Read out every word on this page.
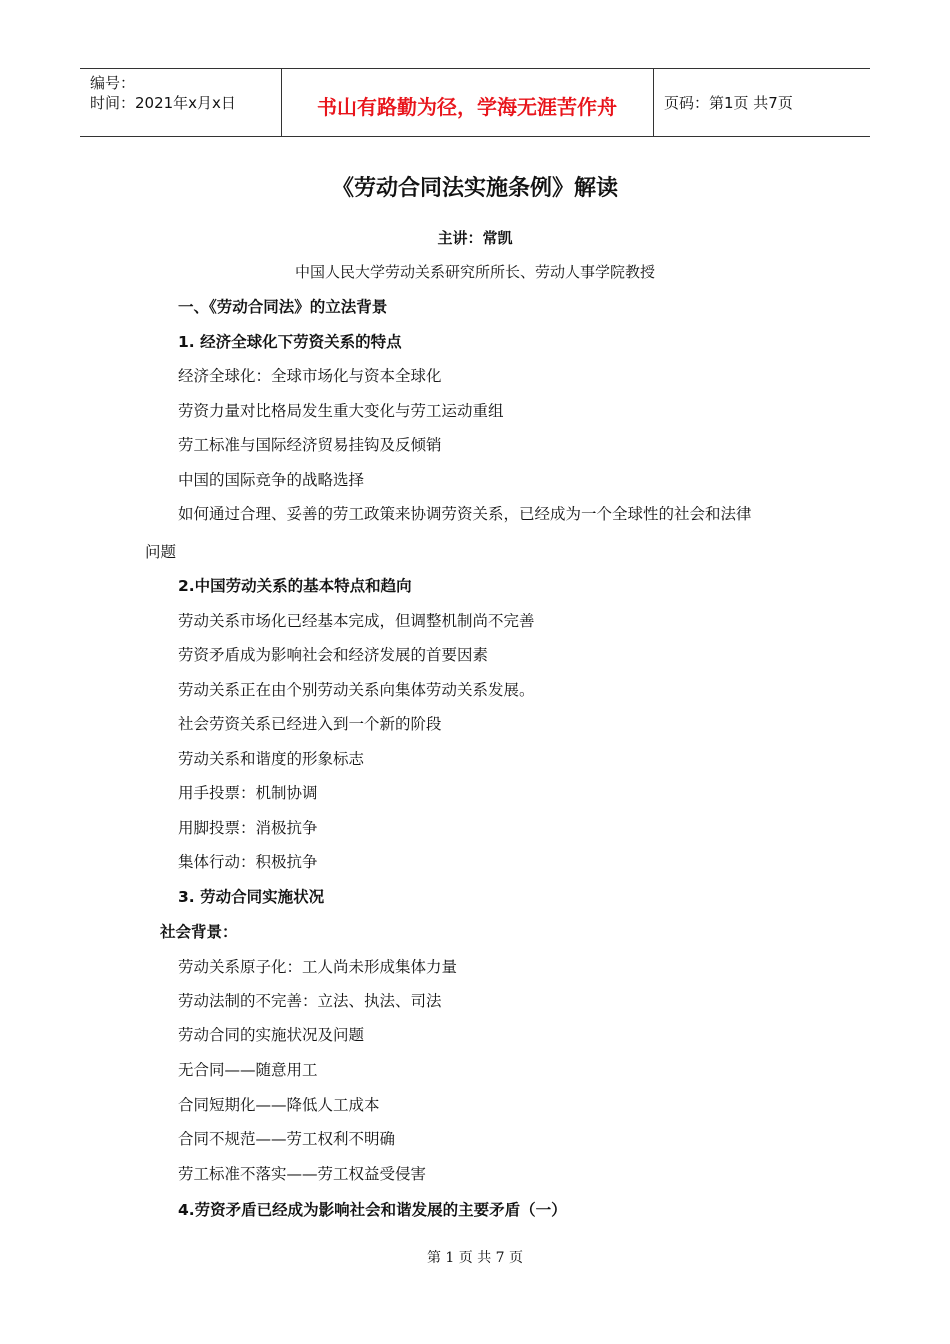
编号：
时间：2021年x月x日	书山有路勤为径，学海无涯苦作舟	页码：第1页 共7页
《劳动合同法实施条例》解读
主讲：常凯
中国人民大学劳动关系研究所所长、劳动人事学院教授
一、《劳动合同法》的立法背景
1. 经济全球化下劳资关系的特点
经济全球化：全球市场化与资本全球化
劳资力量对比格局发生重大变化与劳工运动重组
劳工标准与国际经济贸易挂钩及反倾销
中国的国际竞争的战略选择
如何通过合理、妥善的劳工政策来协调劳资关系，已经成为一个全球性的社会和法律
问题
2.中国劳动关系的基本特点和趋向
劳动关系市场化已经基本完成，但调整机制尚不完善
劳资矛盾成为影响社会和经济发展的首要因素
劳动关系正在由个别劳动关系向集体劳动关系发展。
社会劳资关系已经进入到一个新的阶段
劳动关系和谐度的形象标志
用手投票：机制协调
用脚投票：消极抗争
集体行动：积极抗争
3. 劳动合同实施状况
社会背景：
劳动关系原子化：工人尚未形成集体力量
劳动法制的不完善：立法、执法、司法
劳动合同的实施状况及问题
无合同——随意用工
合同短期化——降低人工成本
合同不规范——劳工权利不明确
劳工标准不落实——劳工权益受侵害
4.劳资矛盾已经成为影响社会和谐发展的主要矛盾（一）
第 1 页 共 7 页
